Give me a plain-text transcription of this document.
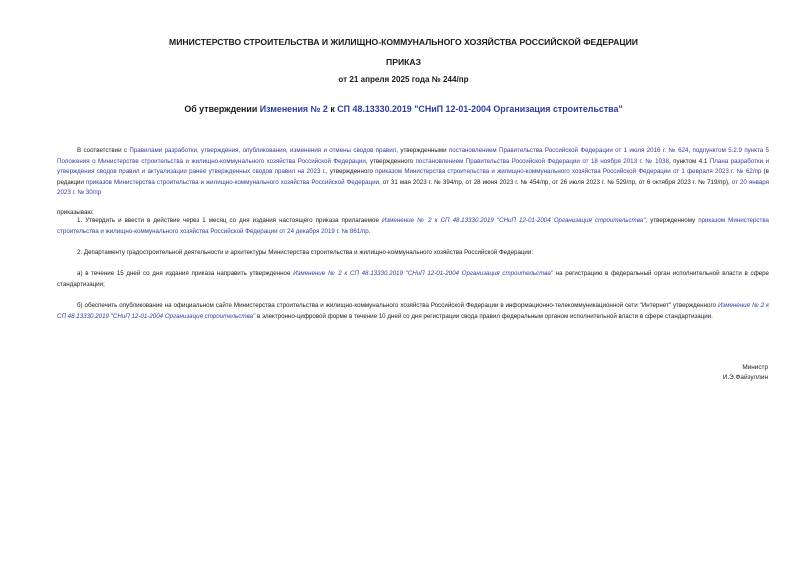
МИНИСТЕРСТВО СТРОИТЕЛЬСТВА И ЖИЛИЩНО-КОММУНАЛЬНОГО ХОЗЯЙСТВА РОССИЙСКОЙ ФЕДЕРАЦИИ
ПРИКАЗ
от 21 апреля 2025 года № 244/пр
Об утверждении Изменения № 2 к СП 48.13330.2019 "СНиП 12-01-2004 Организация строительства"
В соответствии с Правилами разработки, утверждения, опубликования, изменения и отмены сводов правил, утвержденными постановлением Правительства Российской Федерации от 1 июля 2016 г. № 624, подпунктом 5.2.9 пункта 5 Положения о Министерстве строительства и жилищно-коммунального хозяйства Российской Федерации, утвержденного постановлением Правительства Российской Федерации от 18 ноября 2013 г. № 1038, пунктом 4.1 Плана разработки и утверждения сводов правил и актуализации ранее утвержденных сводов правил на 2023 г., утвержденного приказом Министерства строительства и жилищно-коммунального хозяйства Российской Федерации от 1 февраля 2023 г. № 62/пр (в редакции приказов Министерства строительства и жилищно-коммунального хозяйства Российской Федерации, от 31 мая 2023 г. № 394/пр, от 28 июня 2023 г. № 454/пр, от 26 июля 2023 г. № 529/пр, от 6 октября 2023 г. № 719/пр), от 20 января 2023 г. № 30/пр
приказываю:
1. Утвердить и ввести в действие через 1 месяц со дня издания настоящего приказа прилагаемое Изменение № 2 к СП 48.13330.2019 "СНиП 12-01-2004 Организация строительства", утвержденному приказом Министерства строительства и жилищно-коммунального хозяйства Российской Федерации от 24 декабря 2019 г. № 861/пр.
2. Департаменту градостроительной деятельности и архитектуры Министерства строительства и жилищно-коммунального хозяйства Российской Федерации:
а) в течение 15 дней со дня издания приказа направить утвержденное Изменение № 2 к СП 48.13330.2019 "СНиП 12-01-2004 Организация строительства" на регистрацию в федеральный орган исполнительной власти в сфере стандартизации;
б) обеспечить опубликование на официальном сайте Министерства строительства и жилищно-коммунального хозяйства Российской Федерации в информационно-телекоммуникационной сети "Интернет" утвержденного Изменения № 2 к СП 48.13330.2019 "СНиП 12-01-2004 Организация строительства" в электронно-цифровой форме в течение 10 дней со дня регистрации свода правил федеральным органом исполнительной власти в сфере стандартизации.
Министр
И.Э.Файзуллин
